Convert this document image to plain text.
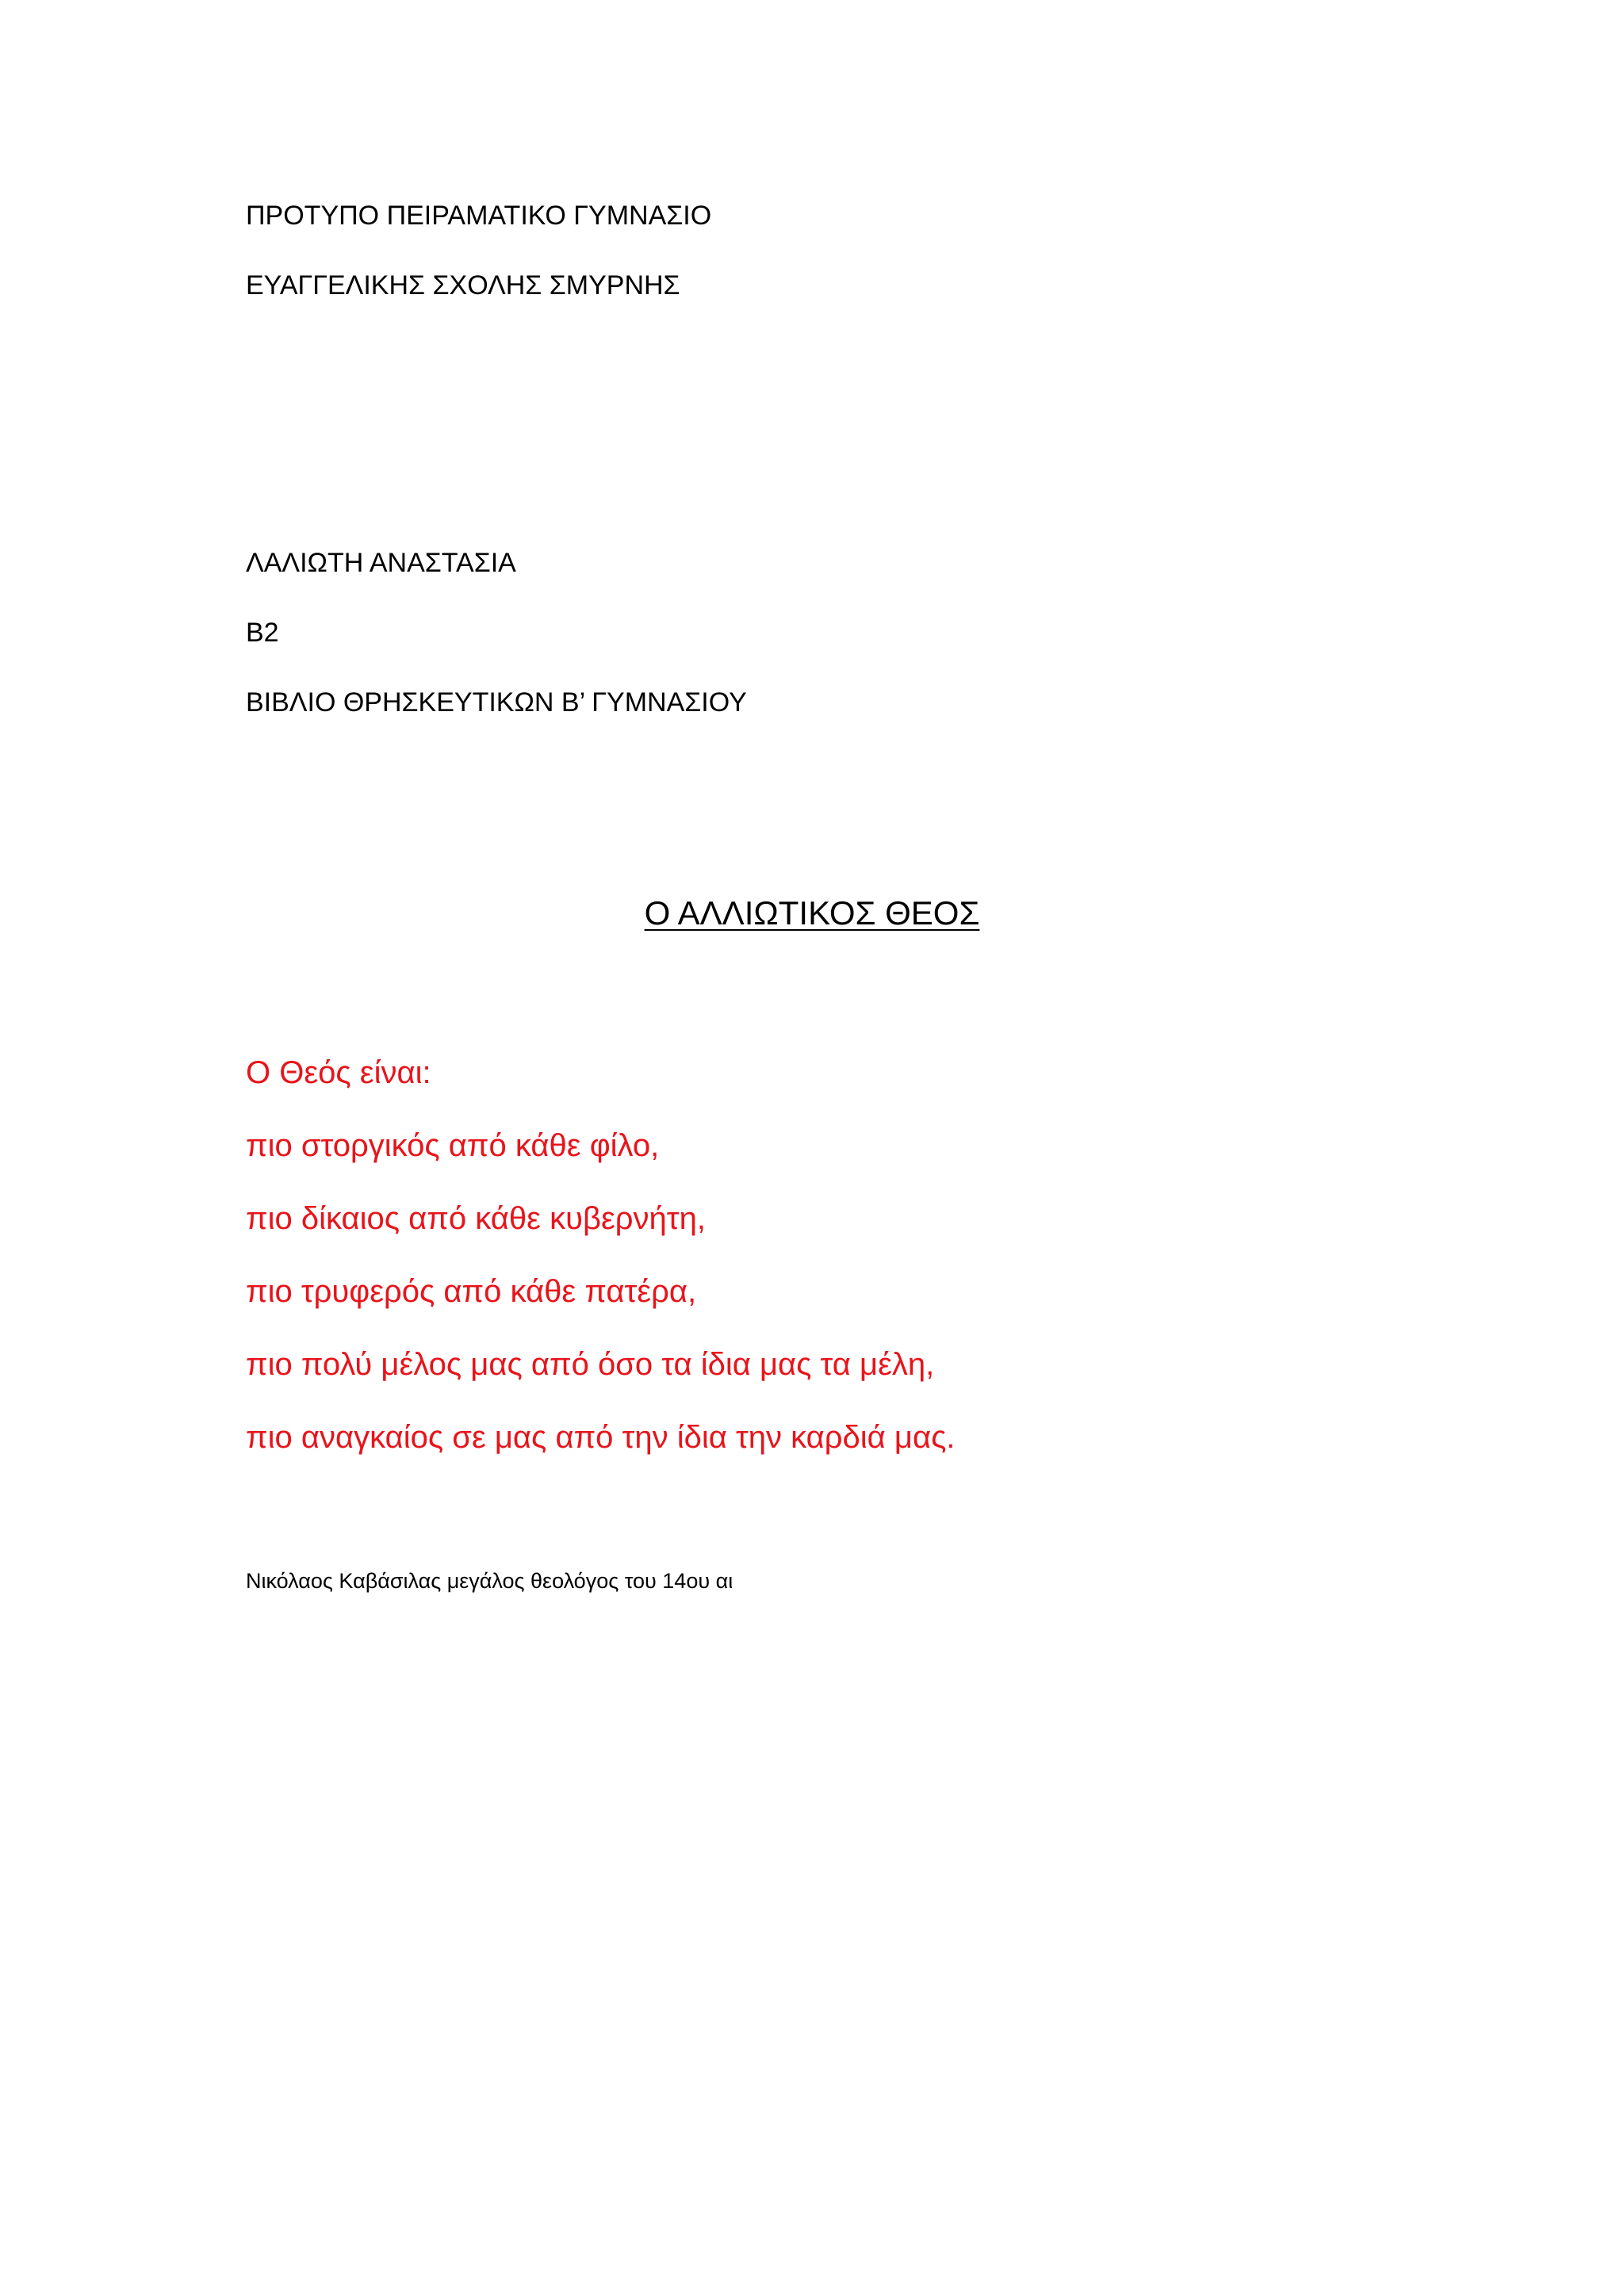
ΠΡΟΤΥΠΟ ΠΕΙΡΑΜΑΤΙΚΟ ΓΥΜΝΑΣΙΟ
ΕΥΑΓΓΕΛΙΚΗΣ ΣΧΟΛΗΣ ΣΜΥΡΝΗΣ
ΛΑΛΙΩΤΗ ΑΝΑΣΤΑΣΙΑ
Β2
ΒΙΒΛΙΟ ΘΡΗΣΚΕΥΤΙΚΩΝ Β’ ΓΥΜΝΑΣΙΟΥ
Ο ΑΛΛΙΩΤΙΚΟΣ ΘΕΟΣ
Ο Θεός είναι:
πιο στοργικός από κάθε φίλο,
πιο δίκαιος από κάθε κυβερνήτη,
πιο τρυφερός από κάθε πατέρα,
πιο πολύ μέλος μας από όσο τα ίδια μας τα μέλη,
πιο αναγκαίος σε μας από την ίδια την καρδιά μας.
Νικόλαος Καβάσιλας μεγάλος θεολόγος του 14ου αι
